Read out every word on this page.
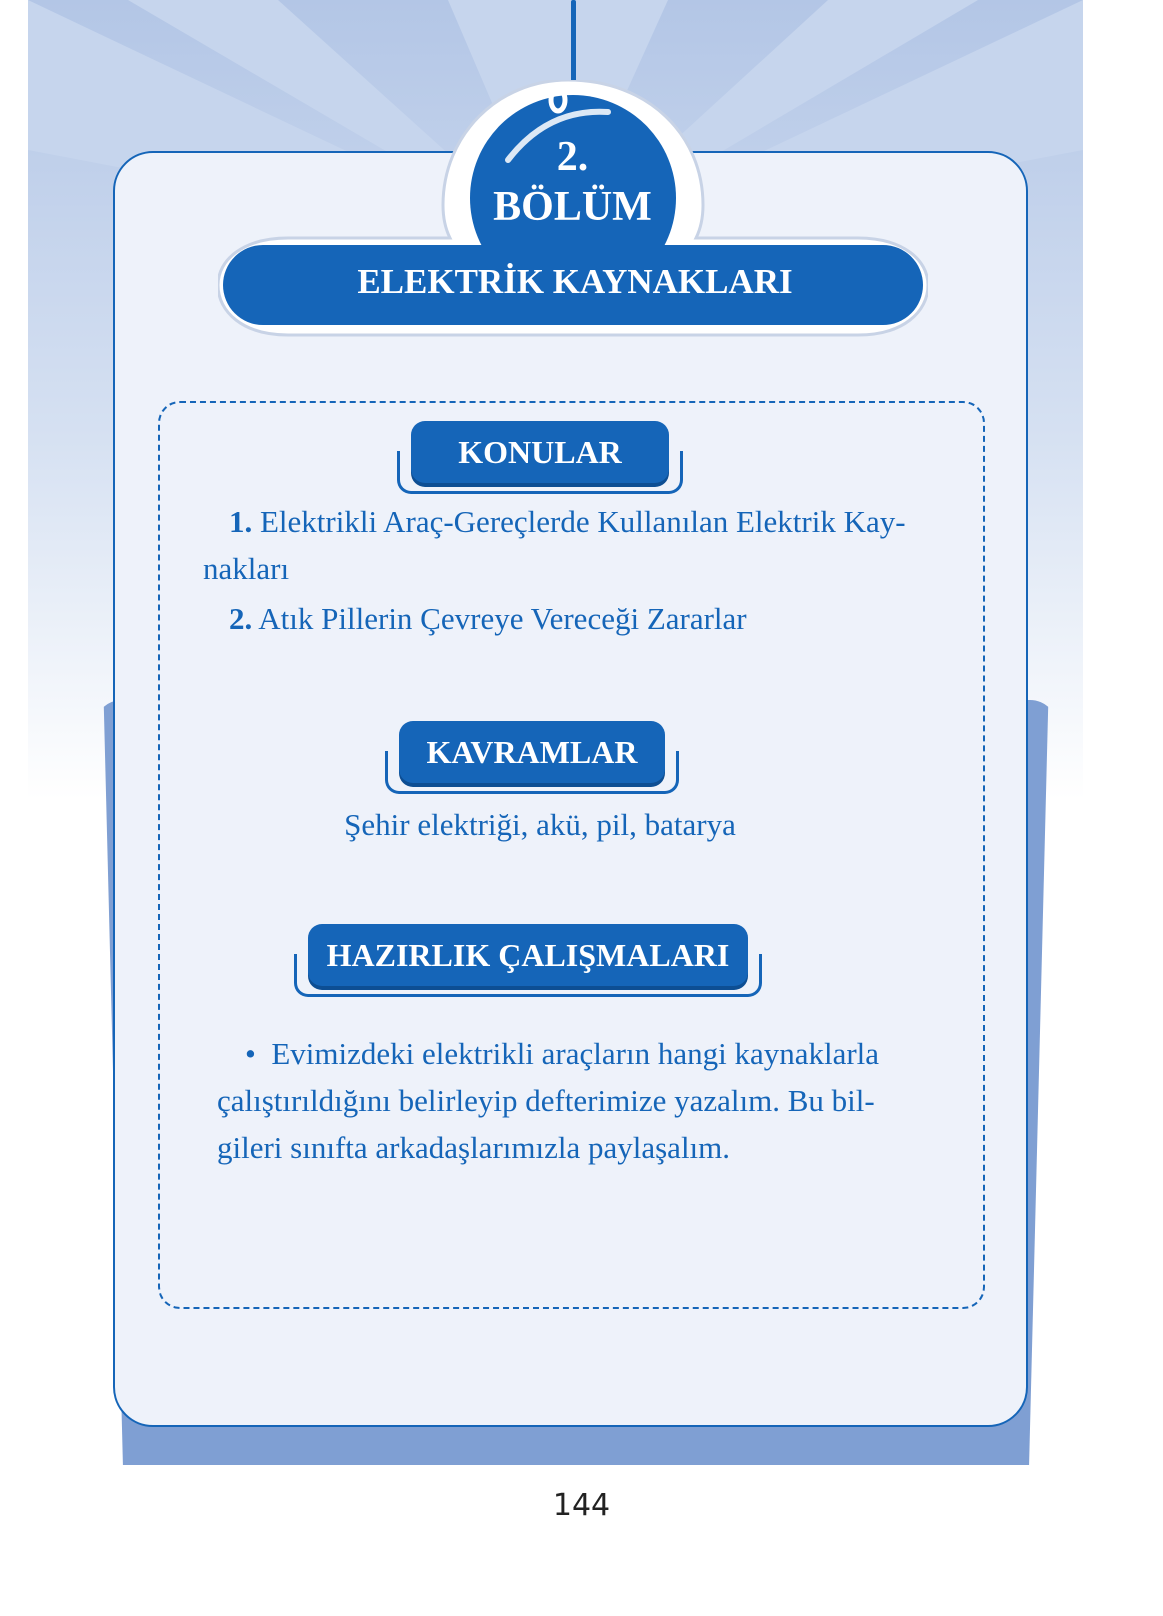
2.
BÖLÜM
ELEKTRİK KAYNAKLARI
KONULAR
1. Elektrikli Araç-Gereçlerde Kullanılan Elektrik Kay-
nakları
2. Atık Pillerin Çevreye Vereceği Zararlar
KAVRAMLAR
Şehir elektriği, akü, pil, batarya
HAZIRLIK ÇALIŞMALARI
• Evimizdeki elektrikli araçların hangi kaynaklarla
çalıştırıldığını belirleyip defterimize yazalım. Bu bil-
gileri sınıfta arkadaşlarımızla paylaşalım.
144
